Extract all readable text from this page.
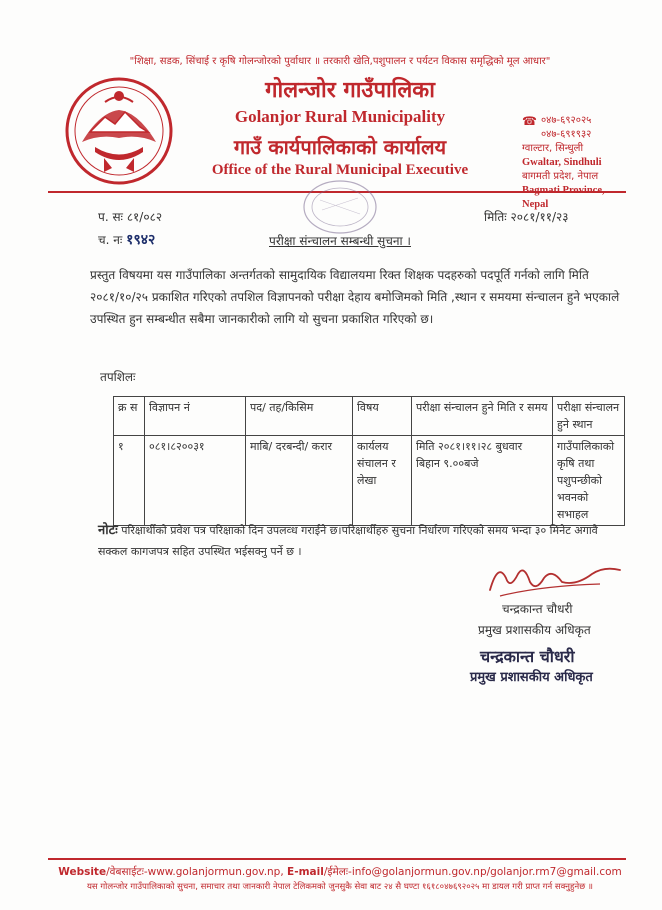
"शिक्षा, सडक, सिंचाई र कृषि गोलन्जोरको पुर्वाधार ॥ तरकारी खेति,पशुपालन र पर्यटन विकास समृद्धिको मूल आधार"
गोलन्जोर गाउँपालिका
Golanjor Rural Municipality
गाउँ कार्यपालिकाको कार्यालय
Office of the Rural Municipal Executive
☎ ०४७-६९२०२५
०४७-६९१९३२
ग्वाल्टार, सिन्धुली
Gwaltar, Sindhuli
बागमती प्रदेश, नेपाल
Nepal
प. सः ८१/०८२
च. नः १९४२
मितिः २०८१/११/२३
परीक्षा संन्चालन सम्बन्धी सुचना ।
प्रस्तुत विषयमा यस गाउँपालिका अन्तर्गतको सामुदायिक विद्यालयमा रिक्त शिक्षक पदहरुको पदपूर्ति गर्नको लागि मिति २०८१/१०/२५ प्रकाशित गरिएको तपशिल विज्ञापनको परीक्षा देहाय बमोजिमको मिति ,स्थान र समयमा संन्चालन हुने भएकाले उपस्थित हुन सम्बन्धीत सबैमा जानकारीको लागि यो सुचना प्रकाशित गरिएको छ।
तपशिलः
क्र स	विज्ञापन नं	पद/ तह/किसिम	विषय	परीक्षा संन्चालन हुने मिति र समय	परीक्षा संन्चालन हुने स्थान
१	०८१।८२००३१	माबि/ दरबन्दी/ करार	कार्यलय संचालन र लेखा	मिति २०८१।११।२८ बुधवार बिहान ९.००बजे	गाउँपालिकाको कृषि तथा पशुपन्छीको भवनको सभाहल
नोटः परिक्षार्थीको प्रवेश पत्र परिक्षाको दिन उपलव्ध गराईने छ।परिक्षार्थीहरु सुचना निर्धारण गरिएको समय भन्दा ३० मिनेट अगावै सक्कल कागजपत्र सहित उपस्थित भईसक्नु पर्ने छ ।
चन्द्रकान्त चौधरी
प्रमुख प्रशासकीय अधिकृत
चन्द्रकान्त चौधरी
प्रमुख प्रशासकीय अधिकृत
Website/वेबसाईटः-www.golanjormun.gov.np, E-mail/ईमेलः-info@golanjormun.gov.np/golanjor.rm7@gmail.com
यस गोलन्जोर गाउँपालिकाको सुचना, समाचार तथा जानकारी नेपाल टेलिकमको जुनसुकै सेवा बाट २४ सै घण्टा १६१८०४७६९२०२५ मा डायल गरी प्राप्त गर्न सक्नुहुनेछ ॥
